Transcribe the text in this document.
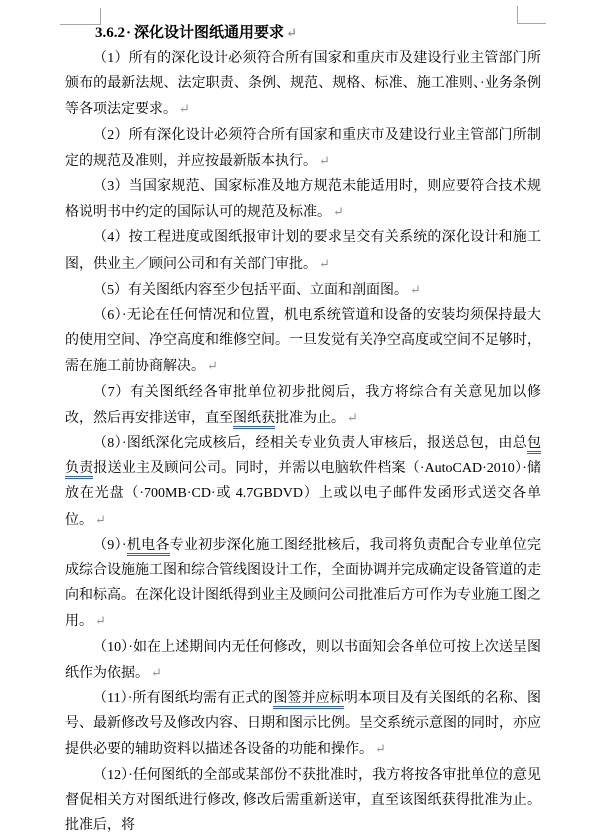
3.6.2· 深化设计图纸通用要求 ↵

（1）所有的深化设计必须符合所有国家和重庆市及建设行业主管部门所颁布的最新法规、法定职责、条例、规范、规格、标准、施工准则、·业务条例等各项法定要求。 ↵

（2）所有深化设计必须符合所有国家和重庆市及建设行业主管部门所制定的规范及准则，并应按最新版本执行。 ↵

（3）当国家规范、国家标准及地方规范未能适用时，则应要符合技术规格说明书中约定的国际认可的规范及标准。 ↵

（4）按工程进度或图纸报审计划的要求呈交有关系统的深化设计和施工图，供业主／顾问公司和有关部门审批。 ↵

（5）有关图纸内容至少包括平面、立面和剖面图。 ↵

（6）·无论在任何情况和位置，机电系统管道和设备的安装均须保持最大的使用空间、净空高度和维修空间。一旦发觉有关净空高度或空间不足够时，需在施工前协商解决。 ↵

（7）有关图纸经各审批单位初步批阅后，我方将综合有关意见加以修改，然后再安排送审，直至图纸获批准为止。 ↵

（8）·图纸深化完成核后，经相关专业负责人审核后，报送总包，由总包负责报送业主及顾问公司。同时，并需以电脑软件档案（·AutoCAD·2010）·储放在光盘（·700MB·CD·或 4.7GBDVD）上或以电子邮件发函形式送交各单位。 ↵

（9）·机电各专业初步深化施工图经批核后，我司将负责配合专业单位完成综合设施施工图和综合管线图设计工作，全面协调并完成确定设备管道的走向和标高。在深化设计图纸得到业主及顾问公司批准后方可作为专业施工图之用。 ↵

（10）·如在上述期间内无任何修改，则以书面知会各单位可按上次送呈图纸作为依据。 ↵

（11）·所有图纸均需有正式的图签并应标明本项目及有关图纸的名称、图号、最新修改号及修改内容、日期和图示比例。呈交系统示意图的同时，亦应提供必要的辅助资料以描述各设备的功能和操作。 ↵

（12）·任何图纸的全部或某部份不获批准时，我方将按各审批单位的意见督促相关方对图纸进行修改, 修改后需重新送审，直至该图纸获得批准为止。批准后，将
